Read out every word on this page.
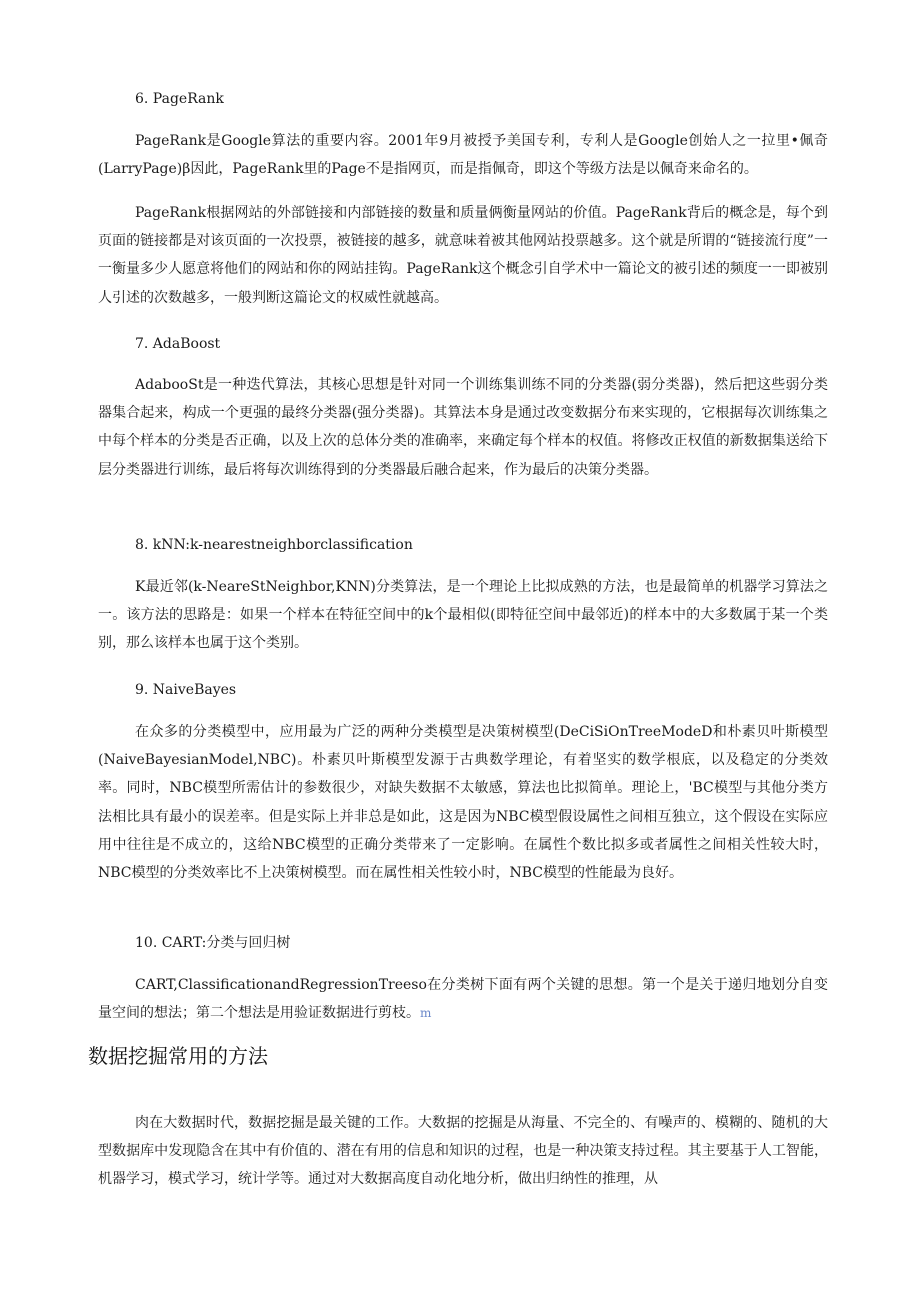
6. PageRank

PageRank是Google算法的重要内容。2001年9月被授予美国专利，专利人是Google创始人之一拉里•佩奇(LarryPage)β因此，PageRank里的Page不是指网页，而是指佩奇，即这个等级方法是以佩奇来命名的。

PageRank根据网站的外部链接和内部链接的数量和质量俩衡量网站的价值。PageRank背后的概念是，每个到页面的链接都是对该页面的一次投票，被链接的越多，就意味着被其他网站投票越多。这个就是所谓的“链接流行度”一一衡量多少人愿意将他们的网站和你的网站挂钩。PageRank这个概念引自学术中一篇论文的被引述的频度一一即被别人引述的次数越多，一般判断这篇论文的权威性就越高。

7. AdaBoost

AdabooSt是一种迭代算法，其核心思想是针对同一个训练集训练不同的分类器(弱分类器)，然后把这些弱分类器集合起来，构成一个更强的最终分类器(强分类器)。其算法本身是通过改变数据分布来实现的，它根据每次训练集之中每个样本的分类是否正确，以及上次的总体分类的准确率，来确定每个样本的权值。将修改正权值的新数据集送给下层分类器进行训练，最后将每次训练得到的分类器最后融合起来，作为最后的决策分类器。

8. kNN:k-nearestneighborclassification

K最近邻(k-NeareStNeighbor,KNN)分类算法，是一个理论上比拟成熟的方法，也是最简单的机器学习算法之一。该方法的思路是：如果一个样本在特征空间中的k个最相似(即特征空间中最邻近)的样本中的大多数属于某一个类别，那么该样本也属于这个类别。

9. NaiveBayes

在众多的分类模型中，应用最为广泛的两种分类模型是决策树模型(DeCiSiOnTreeModeD和朴素贝叶斯模型(NaiveBayesianModel,NBC)。朴素贝叶斯模型发源于古典数学理论，有着坚实的数学根底，以及稳定的分类效率。同时，NBC模型所需估计的参数很少，对缺失数据不太敏感，算法也比拟简单。理论上，'BC模型与其他分类方法相比具有最小的误差率。但是实际上并非总是如此，这是因为NBC模型假设属性之间相互独立，这个假设在实际应用中往往是不成立的，这给NBC模型的正确分类带来了一定影响。在属性个数比拟多或者属性之间相关性较大时，NBC模型的分类效率比不上决策树模型。而在属性相关性较小时，NBC模型的性能最为良好。

10. CART:分类与回归树

CART,ClassificationandRegressionTreeso在分类树下面有两个关键的思想。第一个是关于递归地划分自变量空间的想法；第二个想法是用验证数据进行剪枝。m

数据挖掘常用的方法

肉在大数据时代，数据挖掘是最关键的工作。大数据的挖掘是从海量、不完全的、有噪声的、模糊的、随机的大型数据库中发现隐含在其中有价值的、潜在有用的信息和知识的过程，也是一种决策支持过程。其主要基于人工智能，机器学习，模式学习，统计学等。通过对大数据高度自动化地分析，做出归纳性的推理，从
